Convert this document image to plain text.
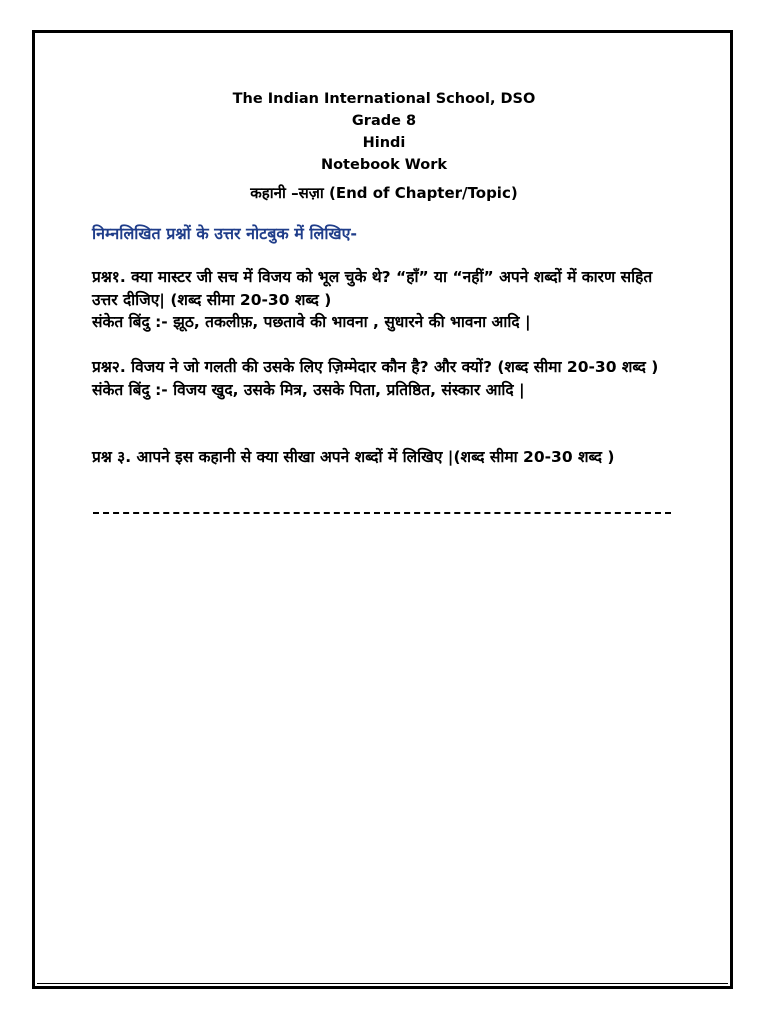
The Indian International School, DSO
Grade 8
Hindi
Notebook Work
कहानी –सज़ा (End of Chapter/Topic)
निम्नलिखित प्रश्नों के उत्तर नोटबुक में लिखिए-
प्रश्न१. क्या मास्टर जी सच में विजय को भूल चुके थे? “हाँ” या “नहीं” अपने शब्दों में कारण सहित उत्तर दीजिए| (शब्द सीमा 20-30 शब्द )
संकेत बिंदु :- झूठ, तकलीफ़, पछतावे की भावना , सुधारने की भावना आदि |
प्रश्न२. विजय ने जो गलती की उसके लिए ज़िम्मेदार कौन है? और क्यों? (शब्द सीमा 20-30 शब्द )
संकेत बिंदु :- विजय खुद, उसके मित्र, उसके पिता, प्रतिष्ठित, संस्कार आदि |
प्रश्न ३. आपने इस कहानी से क्या सीखा अपने शब्दों में लिखिए |(शब्द सीमा 20-30 शब्द )
